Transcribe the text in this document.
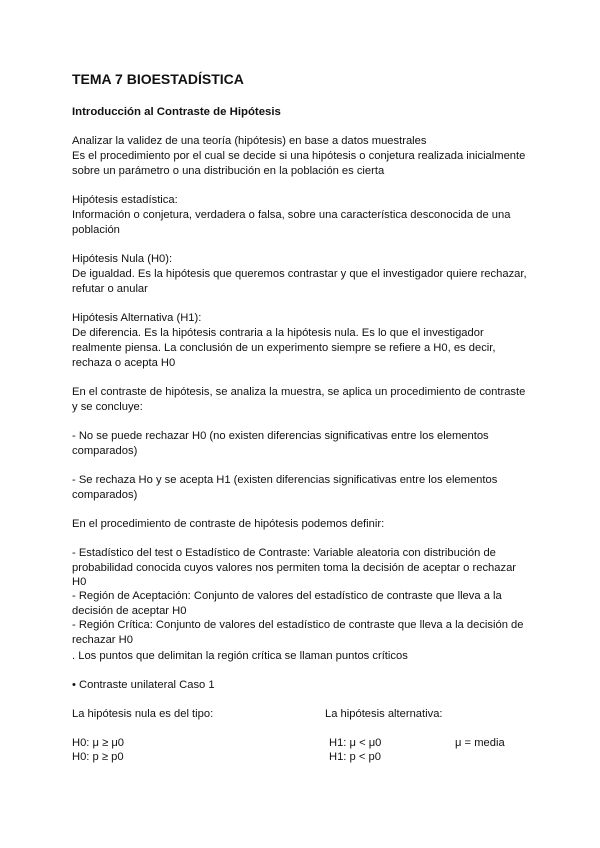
TEMA 7 BIOESTADÍSTICA
Introducción al Contraste de Hipótesis
Analizar la validez de una teoría (hipótesis) en base a datos muestrales
Es el procedimiento por el cual se decide si una hipótesis o conjetura realizada inicialmente
sobre un parámetro o una distribución en la población es cierta
Hipótesis estadística:
Información o conjetura, verdadera o falsa, sobre una característica desconocida de una
población
Hipótesis Nula (H0):
De igualdad. Es la hipótesis que queremos contrastar y que el investigador quiere rechazar,
refutar o anular
Hipótesis Alternativa (H1):
De diferencia. Es la hipótesis contraria a la hipótesis nula. Es lo que el investigador
realmente piensa. La conclusión de un experimento siempre se refiere a H0, es decir,
rechaza o acepta H0
En el contraste de hipótesis, se analiza la muestra, se aplica un procedimiento de contraste
y se concluye:
- No se puede rechazar H0 (no existen diferencias significativas entre los elementos
comparados)
- Se rechaza Ho y se acepta H1 (existen diferencias significativas entre los elementos
comparados)
En el procedimiento de contraste de hipótesis podemos definir:
- Estadístico del test o Estadístico de Contraste: Variable aleatoria con distribución de
probabilidad conocida cuyos valores nos permiten toma la decisión de aceptar o rechazar
H0
- Región de Aceptación: Conjunto de valores del estadístico de contraste que lleva a la
decisión de aceptar H0
- Región Crítica: Conjunto de valores del estadístico de contraste que lleva a la decisión de
rechazar H0
. Los puntos que delimitan la región crítica se llaman puntos críticos
• Contraste unilateral Caso 1
La hipótesis nula es del tipo:	La hipótesis alternativa:
H0: μ ≥ μ0	H1: μ < μ0	μ = media
H0: p ≥ p0	H1: p < p0
